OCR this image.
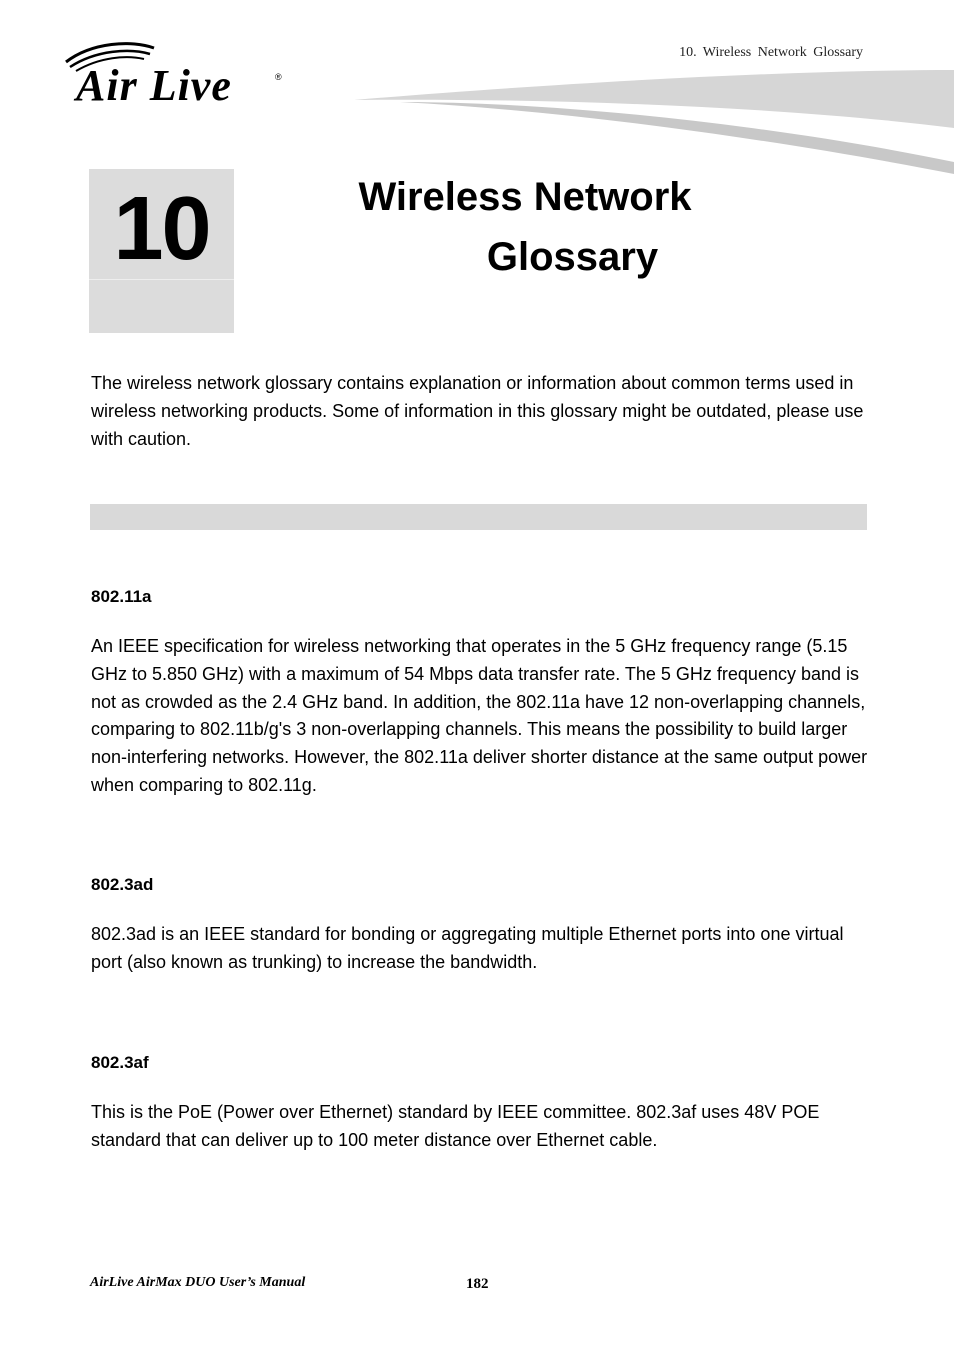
10. Wireless Network Glossary
Air Live	®
10	Wireless Network
Glossary
The wireless network glossary contains explanation or information about common terms used in wireless networking products. Some of information in this glossary might be outdated, please use with caution.
802.11a
An IEEE specification for wireless networking that operates in the 5 GHz frequency range (5.15 GHz to 5.850 GHz) with a maximum of 54 Mbps data transfer rate. The 5 GHz frequency band is not as crowded as the 2.4 GHz band. In addition, the 802.11a have 12 non-overlapping channels, comparing to 802.11b/g's 3 non-overlapping channels. This means the possibility to build larger non-interfering networks. However, the 802.11a deliver shorter distance at the same output power when comparing to 802.11g.
802.3ad
802.3ad is an IEEE standard for bonding or aggregating multiple Ethernet ports into one virtual port (also known as trunking) to increase the bandwidth.
802.3af
This is the PoE (Power over Ethernet) standard by IEEE committee. 802.3af uses 48V POE standard that can deliver up to 100 meter distance over Ethernet cable.
AirLive AirMax DUO User’s Manual	182
